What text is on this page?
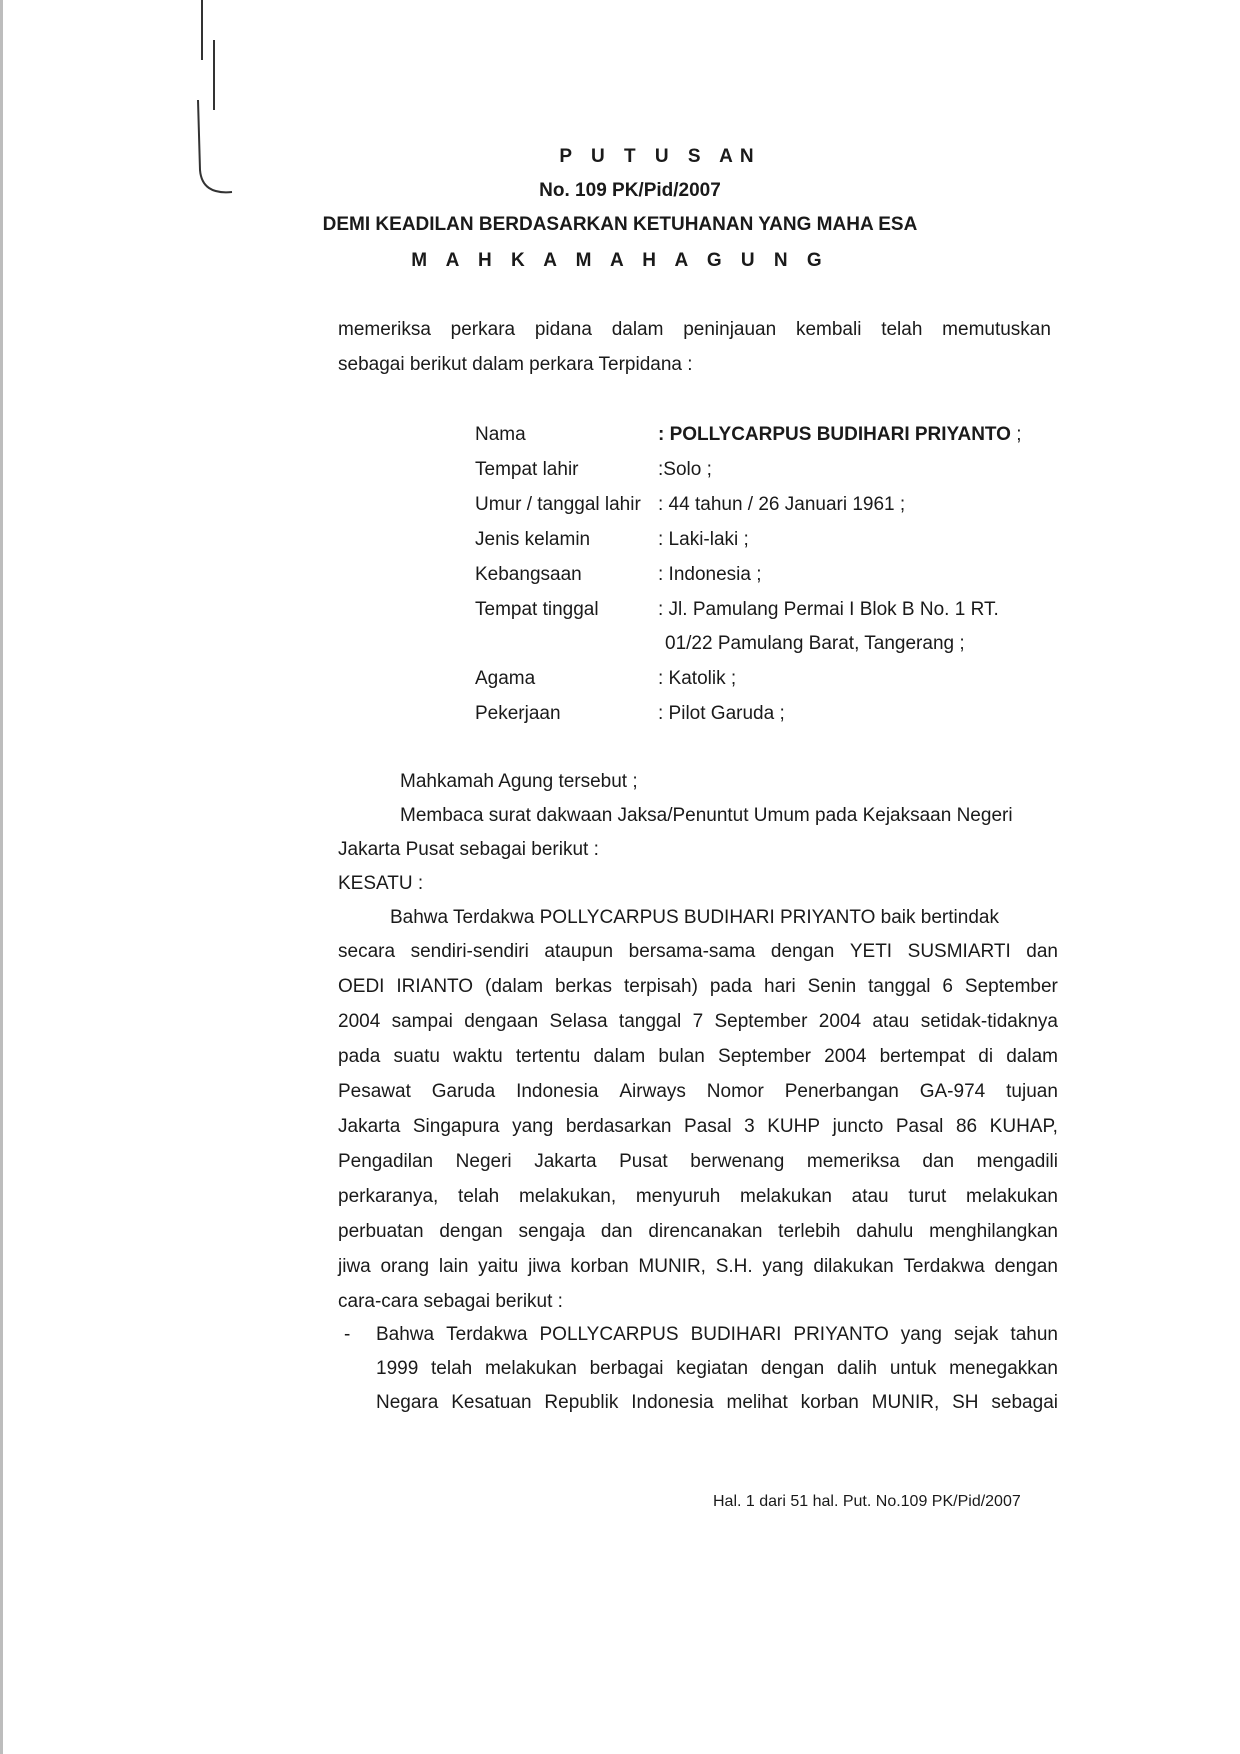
P U T U S AN
No. 109 PK/Pid/2007
DEMI KEADILAN BERDASARKAN KETUHANAN YANG MAHA ESA
M A H K A M A H A G U N G
memeriksa perkara pidana dalam peninjauan kembali telah memutuskan
sebagai berikut dalam perkara Terpidana :
Nama	: POLLYCARPUS BUDIHARI PRIYANTO ;
Tempat lahir	:Solo ;
Umur / tanggal lahir : 44 tahun / 26 Januari 1961 ;
Jenis kelamin	: Laki-laki ;
Kebangsaan	: Indonesia ;
Tempat tinggal	: Jl. Pamulang Permai I Blok B No. 1 RT.
01/22 Pamulang Barat, Tangerang ;
Agama	: Katolik ;
Pekerjaan	: Pilot Garuda ;
Mahkamah Agung tersebut ;
Membaca surat dakwaan Jaksa/Penuntut Umum pada Kejaksaan Negeri
Jakarta Pusat sebagai berikut :
KESATU :
Bahwa Terdakwa POLLYCARPUS BUDIHARI PRIYANTO baik bertindak
secara sendiri-sendiri ataupun bersama-sama dengan YETI SUSMIARTI dan
OEDI IRIANTO (dalam berkas terpisah) pada hari Senin tanggal 6 September
2004 sampai dengaan Selasa tanggal 7 September 2004 atau setidak-tidaknya
pada suatu waktu tertentu dalam bulan September 2004 bertempat di dalam
Pesawat Garuda Indonesia Airways Nomor Penerbangan GA-974 tujuan
Jakarta Singapura yang berdasarkan Pasal 3 KUHP juncto Pasal 86 KUHAP,
Pengadilan Negeri Jakarta Pusat berwenang memeriksa dan mengadili
perkaranya, telah melakukan, menyuruh melakukan atau turut melakukan
perbuatan dengan sengaja dan direncanakan terlebih dahulu menghilangkan
jiwa orang lain yaitu jiwa korban MUNIR, S.H. yang dilakukan Terdakwa dengan
cara-cara sebagai berikut :
- Bahwa Terdakwa POLLYCARPUS BUDIHARI PRIYANTO yang sejak tahun
1999 telah melakukan berbagai kegiatan dengan dalih untuk menegakkan
Negara Kesatuan Republik Indonesia melihat korban MUNIR, SH sebagai
Hal. 1 dari 51 hal. Put. No.109 PK/Pid/2007
